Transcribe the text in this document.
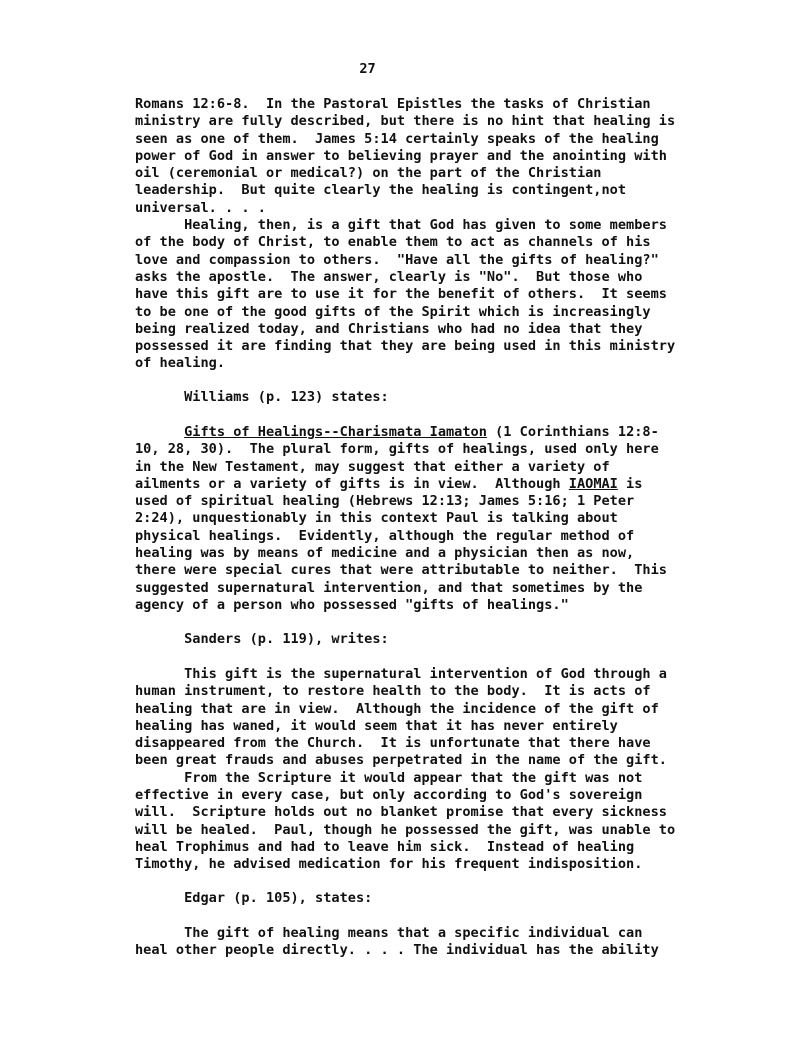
27
Romans 12:6-8.  In the Pastoral Epistles the tasks of Christian
ministry are fully described, but there is no hint that healing is
seen as one of them.  James 5:14 certainly speaks of the healing
power of God in answer to believing prayer and the anointing with
oil (ceremonial or medical?) on the part of the Christian
leadership.  But quite clearly the healing is contingent,not
universal. . . .
Healing, then, is a gift that God has given to some members
of the body of Christ, to enable them to act as channels of his
love and compassion to others.  "Have all the gifts of healing?"
asks the apostle.  The answer, clearly is "No".  But those who
have this gift are to use it for the benefit of others.  It seems
to be one of the good gifts of the Spirit which is increasingly
being realized today, and Christians who had no idea that they
possessed it are finding that they are being used in this ministry
of healing.
Williams (p. 123) states:
Gifts of Healings--Charismata Iamaton (1 Corinthians 12:8-
10, 28, 30).  The plural form, gifts of healings, used only here
in the New Testament, may suggest that either a variety of
ailments or a variety of gifts is in view.  Although IAOMAI is
used of spiritual healing (Hebrews 12:13; James 5:16; 1 Peter
2:24), unquestionably in this context Paul is talking about
physical healings.  Evidently, although the regular method of
healing was by means of medicine and a physician then as now,
there were special cures that were attributable to neither.  This
suggested supernatural intervention, and that sometimes by the
agency of a person who possessed "gifts of healings."
Sanders (p. 119), writes:
This gift is the supernatural intervention of God through a
human instrument, to restore health to the body.  It is acts of
healing that are in view.  Although the incidence of the gift of
healing has waned, it would seem that it has never entirely
disappeared from the Church.  It is unfortunate that there have
been great frauds and abuses perpetrated in the name of the gift.
From the Scripture it would appear that the gift was not
effective in every case, but only according to God's sovereign
will.  Scripture holds out no blanket promise that every sickness
will be healed.  Paul, though he possessed the gift, was unable to
heal Trophimus and had to leave him sick.  Instead of healing
Timothy, he advised medication for his frequent indisposition.
Edgar (p. 105), states:
The gift of healing means that a specific individual can
heal other people directly. . . . The individual has the ability
